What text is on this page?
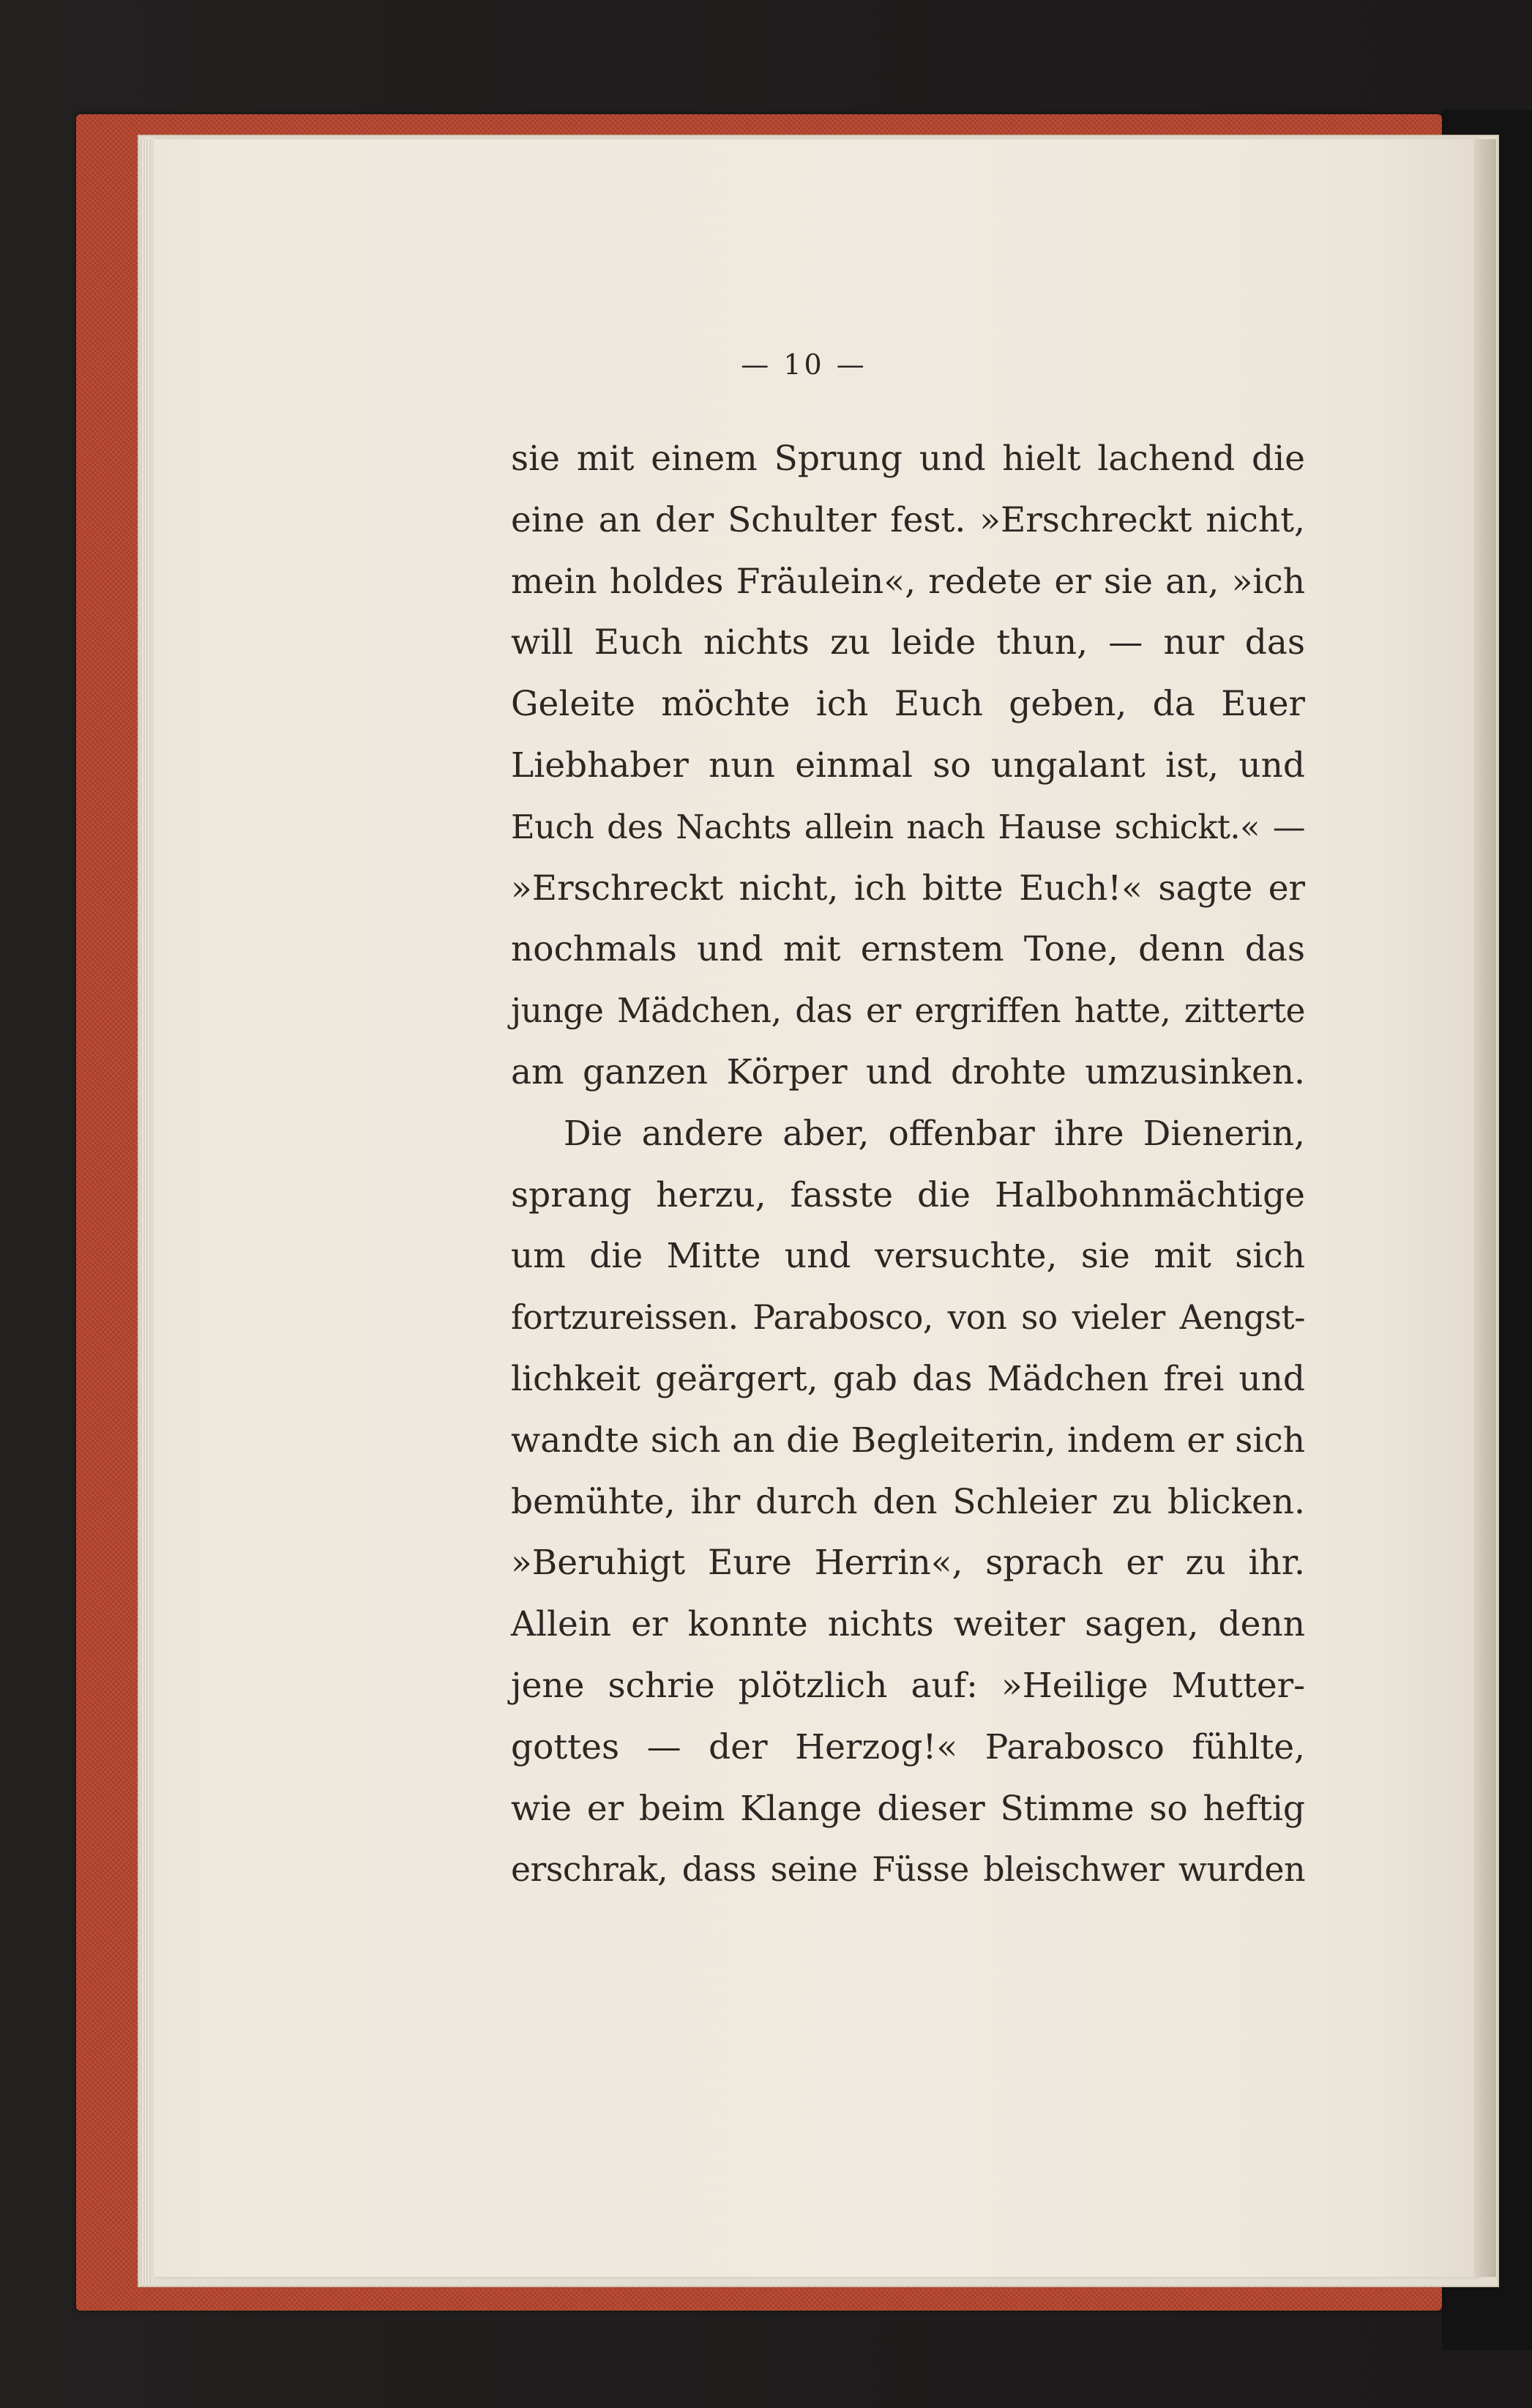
— 10 —
sie mit einem Sprung und hielt lachend die
eine an der Schulter fest. »Erschreckt nicht,
mein holdes Fräulein«, redete er sie an, »ich
will Euch nichts zu leide thun, — nur das
Geleite möchte ich Euch geben, da Euer
Liebhaber nun einmal so ungalant ist, und
Euch des Nachts allein nach Hause schickt.« —
»Erschreckt nicht, ich bitte Euch!« sagte er
nochmals und mit ernstem Tone, denn das
junge Mädchen, das er ergriffen hatte, zitterte
am ganzen Körper und drohte umzusinken.
Die andere aber, offenbar ihre Dienerin,
sprang herzu, fasste die Halbohnmächtige
um die Mitte und versuchte, sie mit sich
fortzureissen. Parabosco, von so vieler Aengst-
lichkeit geärgert, gab das Mädchen frei und
wandte sich an die Begleiterin, indem er sich
bemühte, ihr durch den Schleier zu blicken.
»Beruhigt Eure Herrin«, sprach er zu ihr.
Allein er konnte nichts weiter sagen, denn
jene schrie plötzlich auf: »Heilige Mutter-
gottes — der Herzog!« Parabosco fühlte,
wie er beim Klange dieser Stimme so heftig
erschrak, dass seine Füsse bleischwer wurden
